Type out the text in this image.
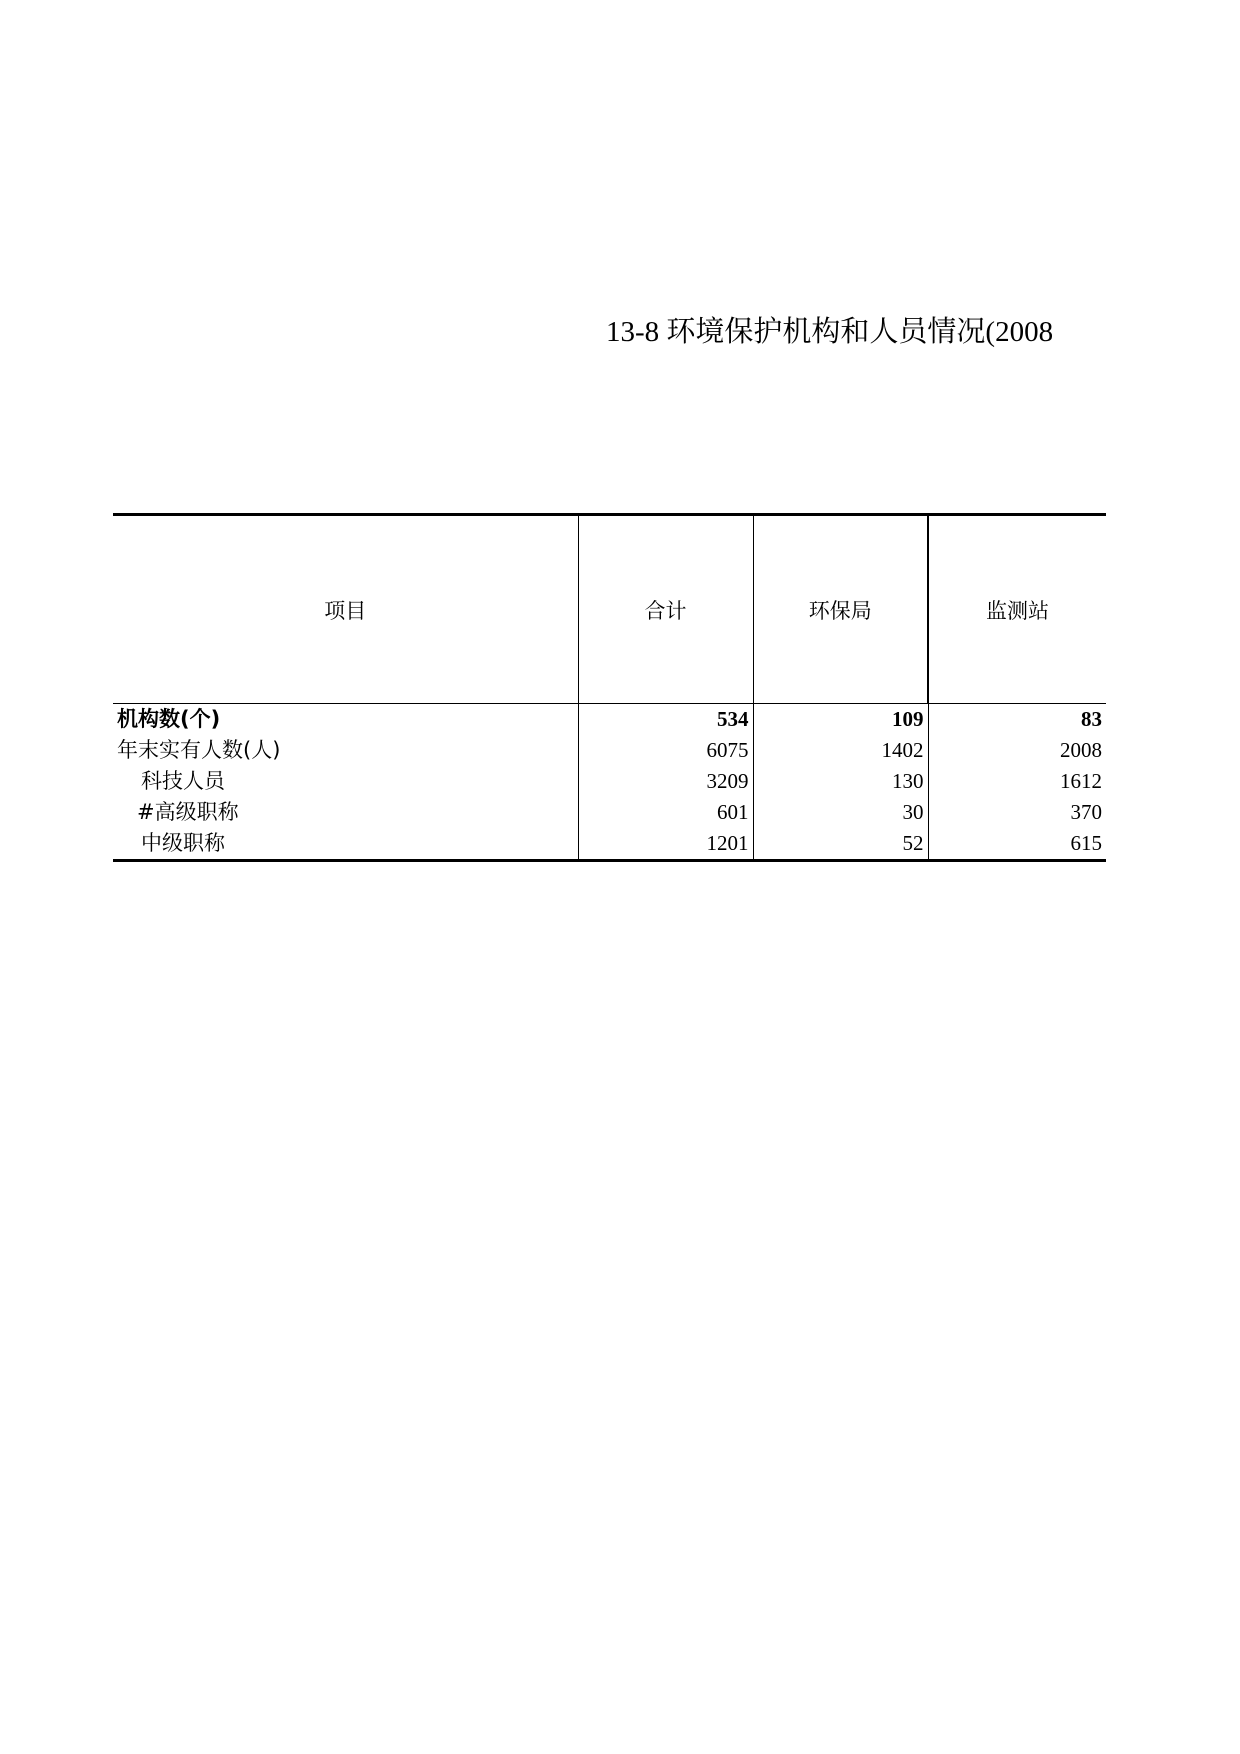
13-8 环境保护机构和人员情况(2008
项目	合计	环保局	监测站
机构数(个)	534	109	83
年末实有人数(人)	6075	1402	2008
科技人员	3209	130	1612
#高级职称	601	30	370
中级职称	1201	52	615
